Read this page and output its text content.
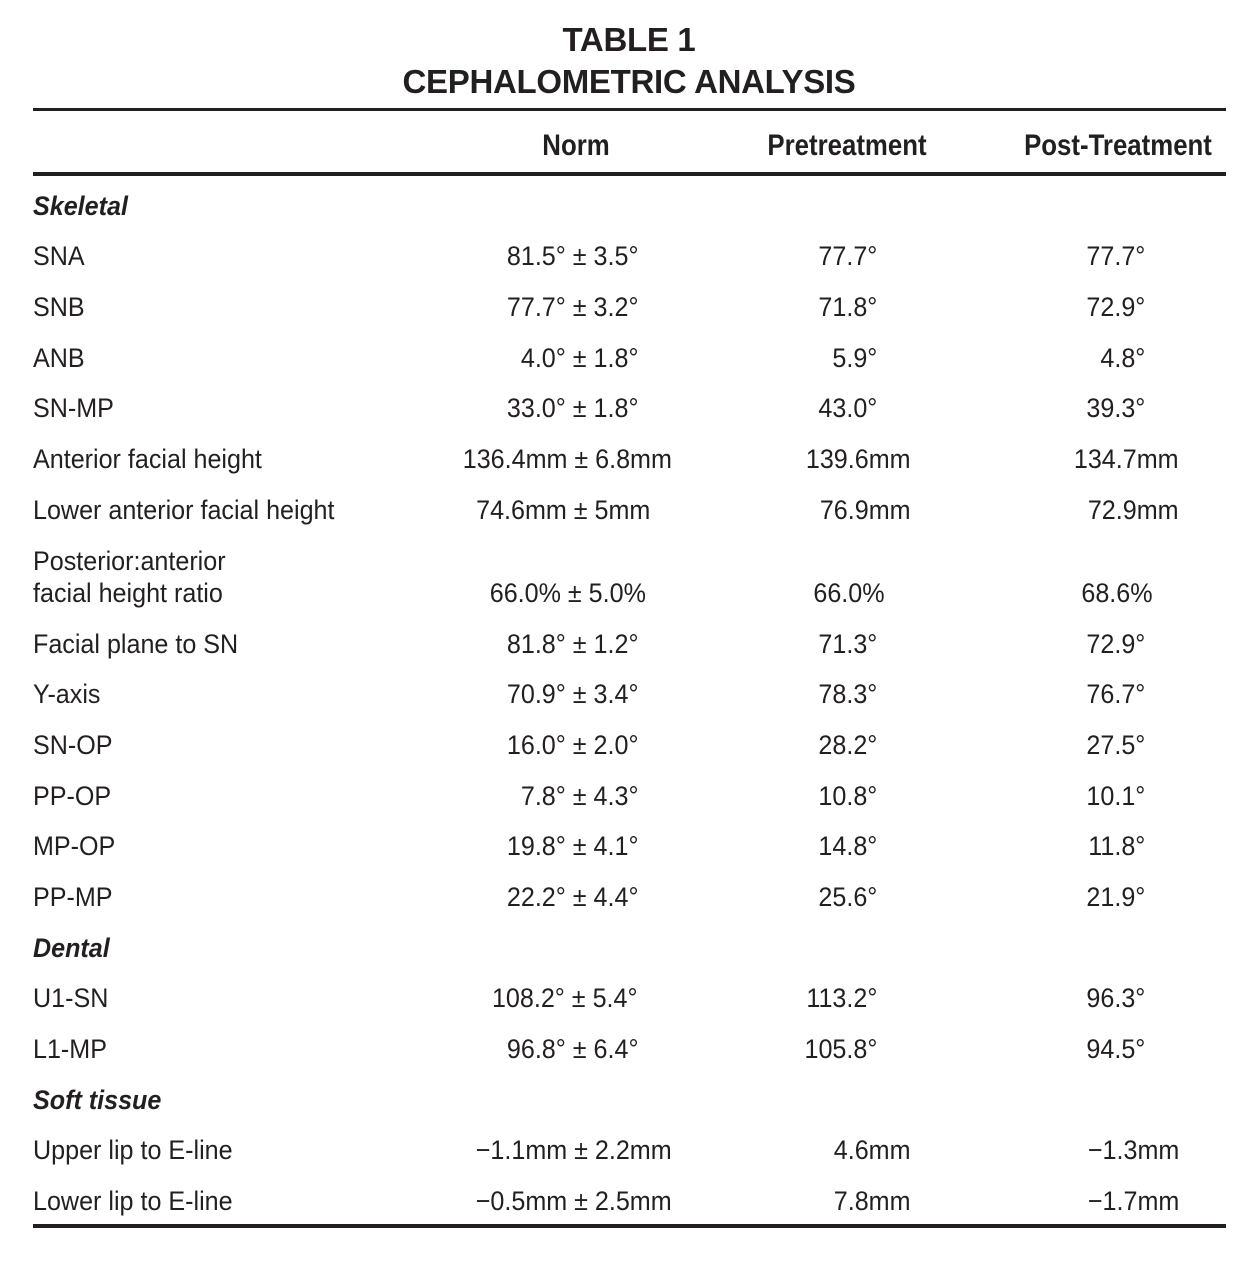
TABLE 1
CEPHALOMETRIC ANALYSIS
Norm	Pretreatment	Post-Treatment
Skeletal
SNA	81.5° ± 3.5°	77.7°	77.7°
SNB	77.7° ± 3.2°	71.8°	72.9°
ANB	4.0° ± 1.8°	5.9°	4.8°
SN-MP	33.0° ± 1.8°	43.0°	39.3°
Anterior facial height	136.4mm ± 6.8mm	139.6mm	134.7mm
Lower anterior facial height	74.6mm ± 5mm	76.9mm	72.9mm
Posterior:anterior
facial height ratio	66.0% ± 5.0%	66.0%	68.6%
Facial plane to SN	81.8° ± 1.2°	71.3°	72.9°
Y-axis	70.9° ± 3.4°	78.3°	76.7°
SN-OP	16.0° ± 2.0°	28.2°	27.5°
PP-OP	7.8° ± 4.3°	10.8°	10.1°
MP-OP	19.8° ± 4.1°	14.8°	11.8°
PP-MP	22.2° ± 4.4°	25.6°	21.9°
Dental
U1-SN	108.2° ± 5.4°	113.2°	96.3°
L1-MP	96.8° ± 6.4°	105.8°	94.5°
Soft tissue
Upper lip to E-line	−1.1mm ± 2.2mm	4.6mm	−1.3mm
Lower lip to E-line	−0.5mm ± 2.5mm	7.8mm	−1.7mm
